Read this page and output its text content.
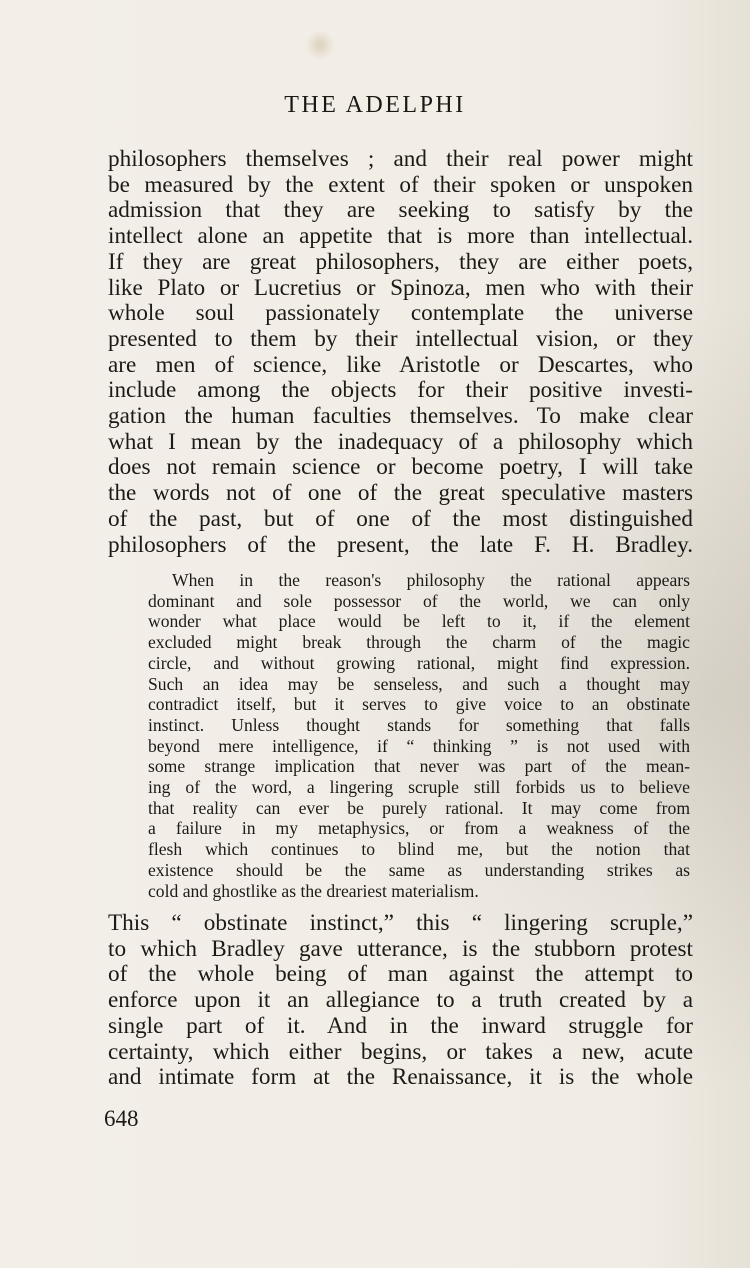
THE ADELPHI
philosophers themselves ; and their real power might
be measured by the extent of their spoken or unspoken
admission that they are seeking to satisfy by the
intellect alone an appetite that is more than intellectual.
If they are great philosophers, they are either poets,
like Plato or Lucretius or Spinoza, men who with their
whole soul passionately contemplate the universe
presented to them by their intellectual vision, or they
are men of science, like Aristotle or Descartes, who
include among the objects for their positive investi-
gation the human faculties themselves. To make clear
what I mean by the inadequacy of a philosophy which
does not remain science or become poetry, I will take
the words not of one of the great speculative masters
of the past, but of one of the most distinguished
philosophers of the present, the late F. H. Bradley.
When in the reason's philosophy the rational appears
dominant and sole possessor of the world, we can only
wonder what place would be left to it, if the element
excluded might break through the charm of the magic
circle, and without growing rational, might find expression.
Such an idea may be senseless, and such a thought may
contradict itself, but it serves to give voice to an obstinate
instinct. Unless thought stands for something that falls
beyond mere intelligence, if “ thinking ” is not used with
some strange implication that never was part of the mean-
ing of the word, a lingering scruple still forbids us to believe
that reality can ever be purely rational. It may come from
a failure in my metaphysics, or from a weakness of the
flesh which continues to blind me, but the notion that
existence should be the same as understanding strikes as
cold and ghostlike as the dreariest materialism.
This “ obstinate instinct,” this “ lingering scruple,”
to which Bradley gave utterance, is the stubborn protest
of the whole being of man against the attempt to
enforce upon it an allegiance to a truth created by a
single part of it. And in the inward struggle for
certainty, which either begins, or takes a new, acute
and intimate form at the Renaissance, it is the whole
648
